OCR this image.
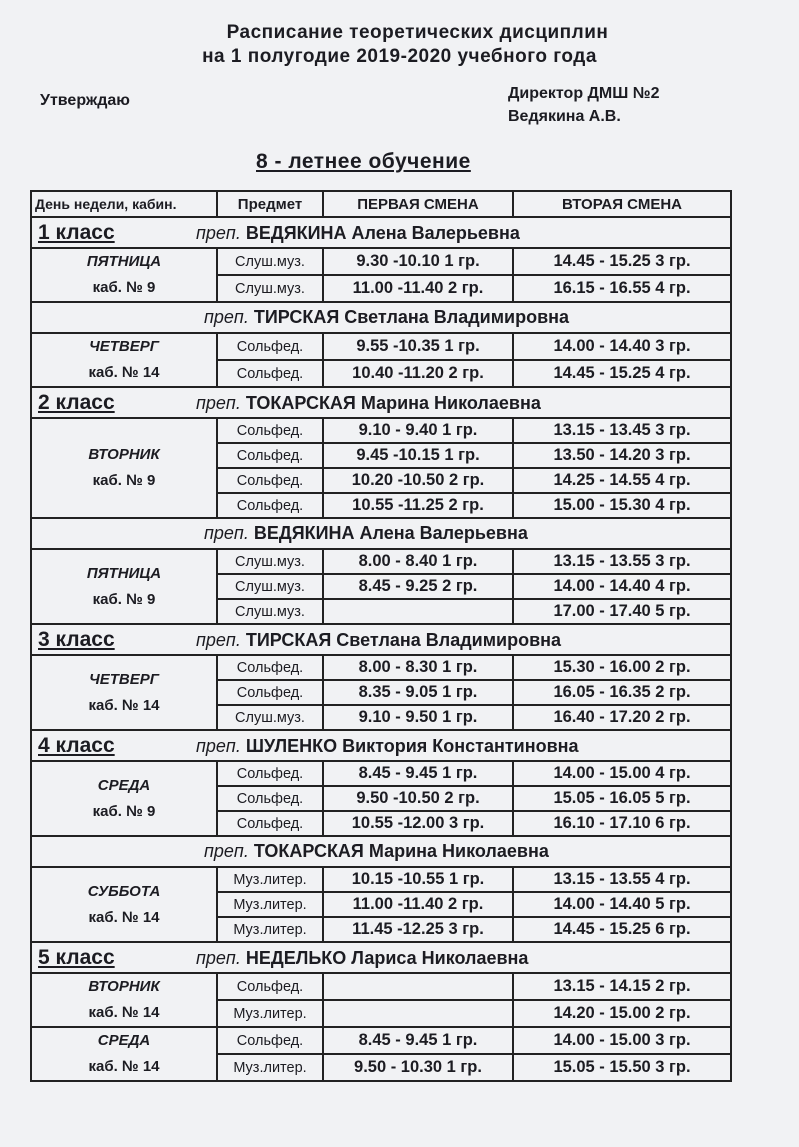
Расписание теоретических дисциплин
на 1 полугодие 2019-2020 учебного года
Утверждаю	Директор ДМШ №2
Ведякина А.В.
8 - летнее обучение
День недели, кабин.	Предмет	ПЕРВАЯ СМЕНА	ВТОРАЯ СМЕНА
1 класс преп. ВЕДЯКИНА Алена Валерьевна			

ПЯТНИЦА
каб. № 9	Слуш.муз.	9.30 -10.10 1 гр.	14.45 - 15.25 3 гр.
	Слуш.муз.	11.00 -11.40 2 гр.	16.15 - 16.55 4 гр.
преп. ТИРСКАЯ Светлана Владимировна			

ЧЕТВЕРГ
каб. № 14	Сольфед.	9.55 -10.35 1 гр.	14.00 - 14.40 3 гр.
	Сольфед.	10.40 -11.20 2 гр.	14.45 - 15.25 4 гр.
2 класс преп. ТОКАРСКАЯ Марина Николаевна			

ВТОРНИК
каб. № 9	Сольфед.	9.10 - 9.40 1 гр.	13.15 - 13.45 3 гр.
	Сольфед.	9.45 -10.15 1 гр.	13.50 - 14.20 3 гр.
	Сольфед.	10.20 -10.50 2 гр.	14.25 - 14.55 4 гр.
	Сольфед.	10.55 -11.25 2 гр.	15.00 - 15.30 4 гр.
преп. ВЕДЯКИНА Алена Валерьевна			

ПЯТНИЦА
каб. № 9	Слуш.муз.	8.00 - 8.40 1 гр.	13.15 - 13.55 3 гр.
	Слуш.муз.	8.45 - 9.25 2 гр.	14.00 - 14.40 4 гр.
	Слуш.муз.		17.00 - 17.40 5 гр.
3 класс преп. ТИРСКАЯ Светлана Владимировна			

ЧЕТВЕРГ
каб. № 14	Сольфед.	8.00 - 8.30 1 гр.	15.30 - 16.00 2 гр.
	Сольфед.	8.35 - 9.05 1 гр.	16.05 - 16.35 2 гр.
	Слуш.муз.	9.10 - 9.50 1 гр.	16.40 - 17.20 2 гр.
4 класс преп. ШУЛЕНКО Виктория Константиновна			

СРЕДА
каб. № 9	Сольфед.	8.45 - 9.45 1 гр.	14.00 - 15.00 4 гр.
	Сольфед.	9.50 -10.50 2 гр.	15.05 - 16.05 5 гр.
	Сольфед.	10.55 -12.00 3 гр.	16.10 - 17.10 6 гр.
преп. ТОКАРСКАЯ Марина Николаевна			

СУББОТА
каб. № 14	Муз.литер.	10.15 -10.55 1 гр.	13.15 - 13.55 4 гр.
	Муз.литер.	11.00 -11.40 2 гр.	14.00 - 14.40 5 гр.
	Муз.литер.	11.45 -12.25 3 гр.	14.45 - 15.25 6 гр.
5 класс преп. НЕДЕЛЬКО Лариса Николаевна			

ВТОРНИК
каб. № 14	Сольфед.		13.15 - 14.15 2 гр.
	Муз.литер.		14.20 - 15.00 2 гр.

СРЕДА
каб. № 14	Сольфед.	8.45 - 9.45 1 гр.	14.00 - 15.00 3 гр.
	Муз.литер.	9.50 - 10.30 1 гр.	15.05 - 15.50 3 гр.
